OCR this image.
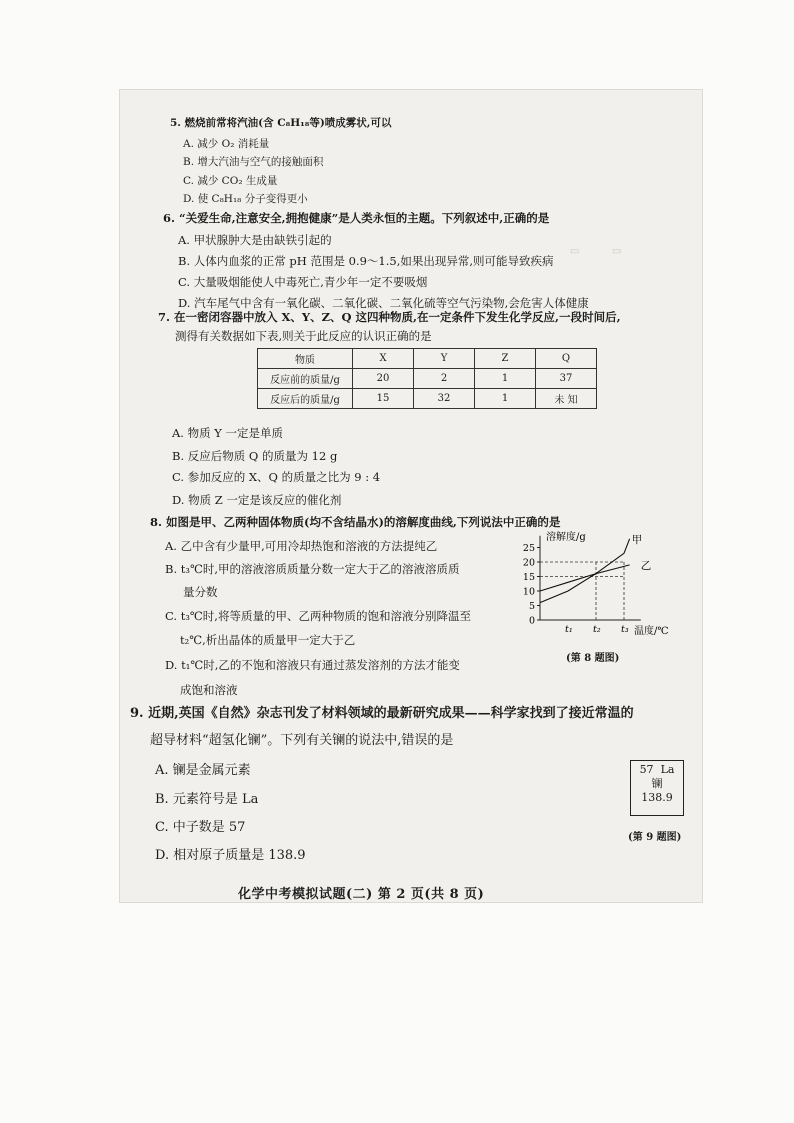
▭	▭
5. 燃烧前常将汽油(含 C₈H₁₈等)喷成雾状,可以
A. 减少 O₂ 消耗量
B. 增大汽油与空气的接触面积
C. 减少 CO₂ 生成量
D. 使 C₈H₁₈ 分子变得更小
6. “关爱生命,注意安全,拥抱健康”是人类永恒的主题。下列叙述中,正确的是
A. 甲状腺肿大是由缺铁引起的
B. 人体内血浆的正常 pH 范围是 0.9～1.5,如果出现异常,则可能导致疾病
C. 大量吸烟能使人中毒死亡,青少年一定不要吸烟
D. 汽车尾气中含有一氧化碳、二氧化碳、二氧化硫等空气污染物,会危害人体健康
7. 在一密闭容器中放入 X、Y、Z、Q 这四种物质,在一定条件下发生化学反应,一段时间后,
测得有关数据如下表,则关于此反应的认识正确的是
物质	X	Y	Z	Q
反应前的质量/g	20	2	1	37
反应后的质量/g	15	32	1	未 知
A. 物质 Y 一定是单质
B. 反应后物质 Q 的质量为 12 g
C. 参加反应的 X、Q 的质量之比为 9 : 4
D. 物质 Z 一定是该反应的催化剂
8. 如图是甲、乙两种固体物质(均不含结晶水)的溶解度曲线,下列说法中正确的是
A. 乙中含有少量甲,可用冷却热饱和溶液的方法提纯乙
B. t₃℃时,甲的溶液溶质质量分数一定大于乙的溶液溶质质
量分数
C. t₃℃时,将等质量的甲、乙两种物质的饱和溶液分别降温至
t₂℃,析出晶体的质量甲一定大于乙
D. t₁℃时,乙的不饱和溶液只有通过蒸发溶剂的方法才能变
成饱和溶液
溶解度/g
温度/℃
0
5
10
15
20
25
t₁ t₂ t₃
甲
乙
(第 8 题图)
9. 近期,英国《自然》杂志刊发了材料领域的最新研究成果——科学家找到了接近常温的
超导材料“超氢化镧”。下列有关镧的说法中,错误的是
A. 镧是金属元素
B. 元素符号是 La
C. 中子数是 57
D. 相对原子质量是 138.9
57 La
镧
138.9
(第 9 题图)
化学中考模拟试题(二) 第 2 页(共 8 页)
